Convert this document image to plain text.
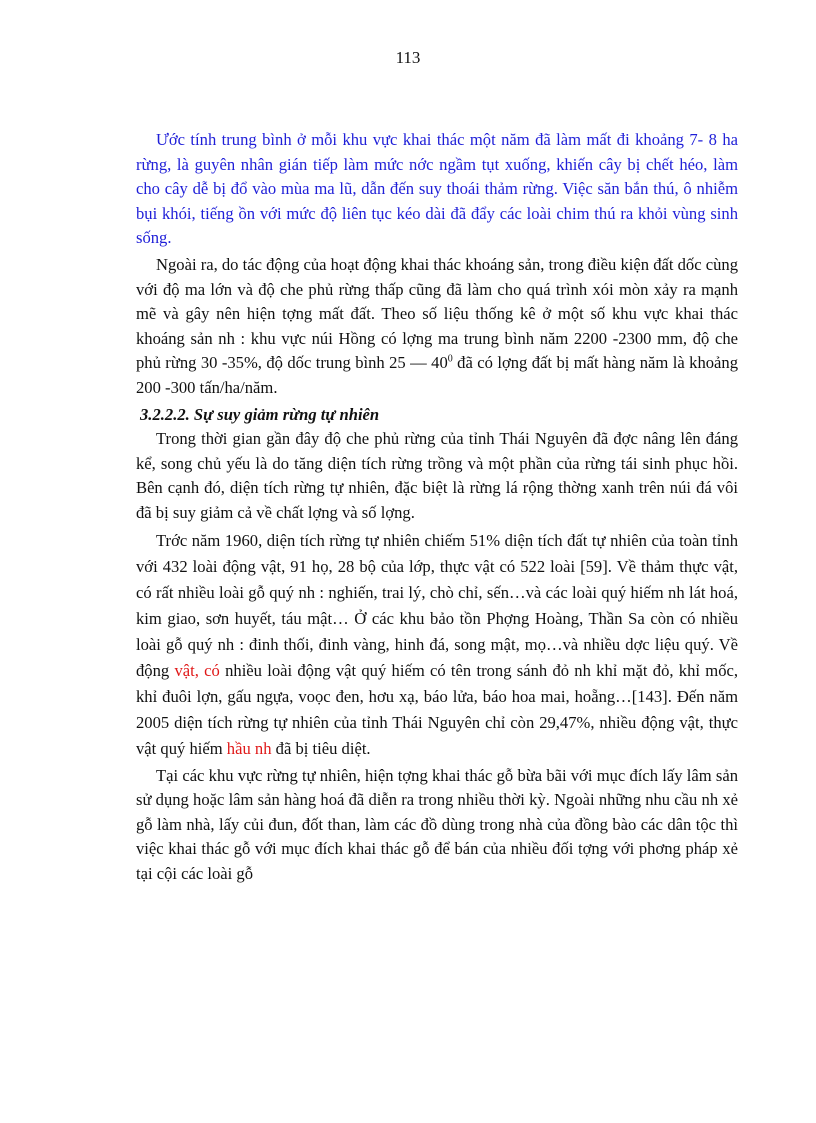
113

Ước tính trung bình ở mỗi khu vực khai thác một năm đã làm mất đi khoảng 7- 8 ha rừng, là guyên nhân gián tiếp làm mức nớc ngầm tụt xuống, khiến cây bị chết héo, làm cho cây dễ bị đổ vào mùa ma lũ, dẫn đến suy thoái thảm rừng. Việc săn bắn thú, ô nhiễm bụi khói, tiếng ồn với mức độ liên tục kéo dài đã đẩy các loài chim thú ra khỏi vùng sinh sống.

Ngoài ra, do tác động của hoạt động khai thác khoáng sản, trong điều kiện đất dốc cùng với độ ma lớn và độ che phủ rừng thấp cũng đã làm cho quá trình xói mòn xảy ra mạnh mẽ và gây nên hiện tợng mất đất. Theo số liệu thống kê ở một số khu vực khai thác khoáng sản nh : khu vực núi Hồng có lợng ma trung bình năm 2200 -2300 mm, độ che phủ rừng 30 -35%, độ dốc trung bình 25 — $40^0$ đã có lợng đất bị mất hàng năm là khoảng 200 -300 tấn/ha/năm.

3.2.2.2. Sự suy giảm rừng tự nhiên

Trong thời gian gần đây độ che phủ rừng của tỉnh Thái Nguyên đã đợc nâng lên đáng kể, song chủ yếu là do tăng diện tích rừng trồng và một phần của rừng tái sinh phục hồi. Bên cạnh đó, diện tích rừng tự nhiên, đặc biệt là rừng lá rộng thờng xanh trên núi đá vôi đã bị suy giảm cả về chất lợng và số lợng.

Trớc năm 1960, diện tích rừng tự nhiên chiếm 51% diện tích đất tự nhiên của toàn tỉnh với 432 loài động vật, 91 họ, 28 bộ của lớp, thực vật có 522 loài [59]. Về thảm thực vật, có rất nhiều loài gỗ quý nh : nghiến, trai lý, chò chỉ, sến…và các loài quý hiếm nh lát hoá, kim giao, sơn huyết, táu mật… Ở các khu bảo tồn Phợng Hoàng, Thần Sa còn có nhiều loài gỗ quý nh : đinh thối, đinh vàng, hinh đá, song mật, mọ…và nhiều dợc liệu quý. Về động vật, có nhiều loài động vật quý hiếm có tên trong sánh đỏ nh khỉ mặt đỏ, khỉ mốc, khỉ đuôi lợn, gấu ngựa, voọc đen, hơu xạ, báo lửa, báo hoa mai, hoẵng…[143]. Đến năm 2005 diện tích rừng tự nhiên của tỉnh Thái Nguyên chỉ còn 29,47%, nhiều động vật, thực vật quý hiếm hầu nh đã bị tiêu diệt.

Tại các khu vực rừng tự nhiên, hiện tợng khai thác gỗ bừa bãi với mục đích lấy lâm sản sử dụng hoặc lâm sản hàng hoá đã diễn ra trong nhiều thời kỳ. Ngoài những nhu cầu nh xẻ gỗ làm nhà, lấy củi đun, đốt than, làm các đồ dùng trong nhà của đồng bào các dân tộc thì việc khai thác gỗ với mục đích khai thác gỗ để bán của nhiều đối tợng với phơng pháp xẻ tại cội các loài gỗ
